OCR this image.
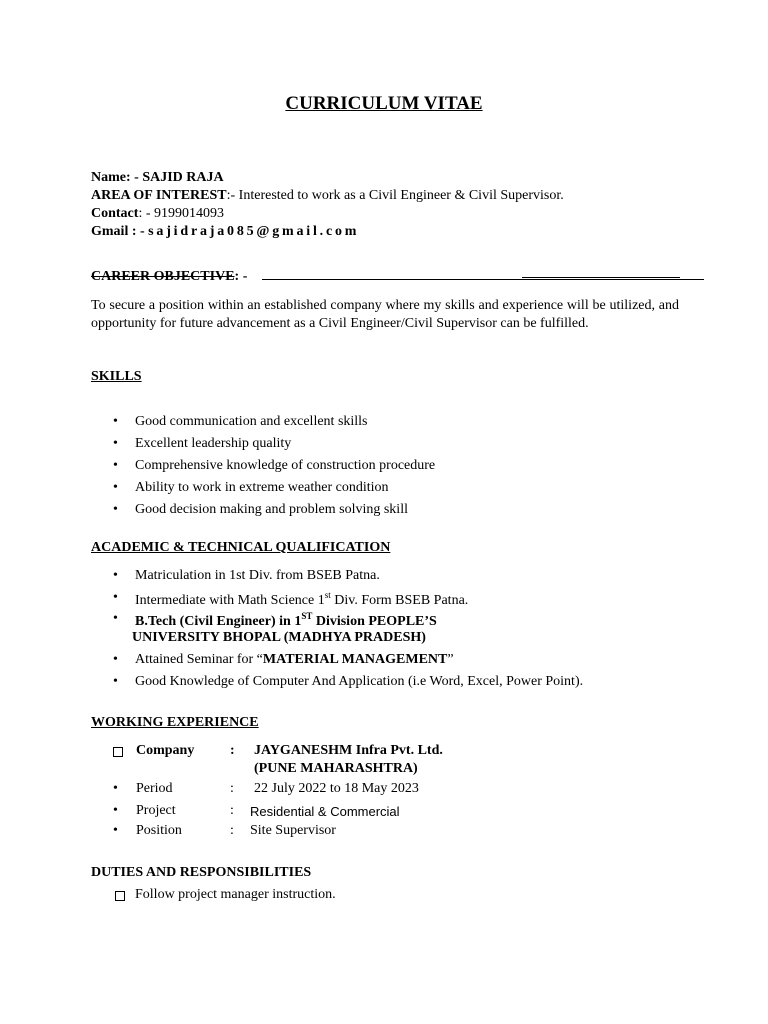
CURRICULUM VITAE
Name: - SAJID RAJA
AREA OF INTEREST:- Interested to work as a Civil Engineer & Civil Supervisor.
Contact: - 9199014093
Gmail : - sajidraja085@gmail.com
CAREER OBJECTIVE: -
To secure a position within an established company where my skills and experience will be utilized, and opportunity for future advancement as a Civil Engineer/Civil Supervisor can be fulfilled.
SKILLS
• Good communication and excellent skills
• Excellent leadership quality
• Comprehensive knowledge of construction procedure
• Ability to work in extreme weather condition
• Good decision making and problem solving skill
ACADEMIC & TECHNICAL QUALIFICATION
• Matriculation in 1st Div. from BSEB Patna.
• Intermediate with Math Science 1st Div. Form BSEB Patna.
• B.Tech (Civil Engineer) in 1ST Division PEOPLE’S
UNIVERSITY BHOPAL (MADHYA PRADESH)
• Attained Seminar for “MATERIAL MANAGEMENT”
• Good Knowledge of Computer And Application (i.e Word, Excel, Power Point).
WORKING EXPERIENCE
Company	: JAYGANESHM Infra Pvt. Ltd.
(PUNE MAHARASHTRA)
• Period	: 22 July 2022 to 18 May 2023
• Project	: Residential & Commercial
• Position	: Site Supervisor
DUTIES AND RESPONSIBILITIES
Follow project manager instruction.
